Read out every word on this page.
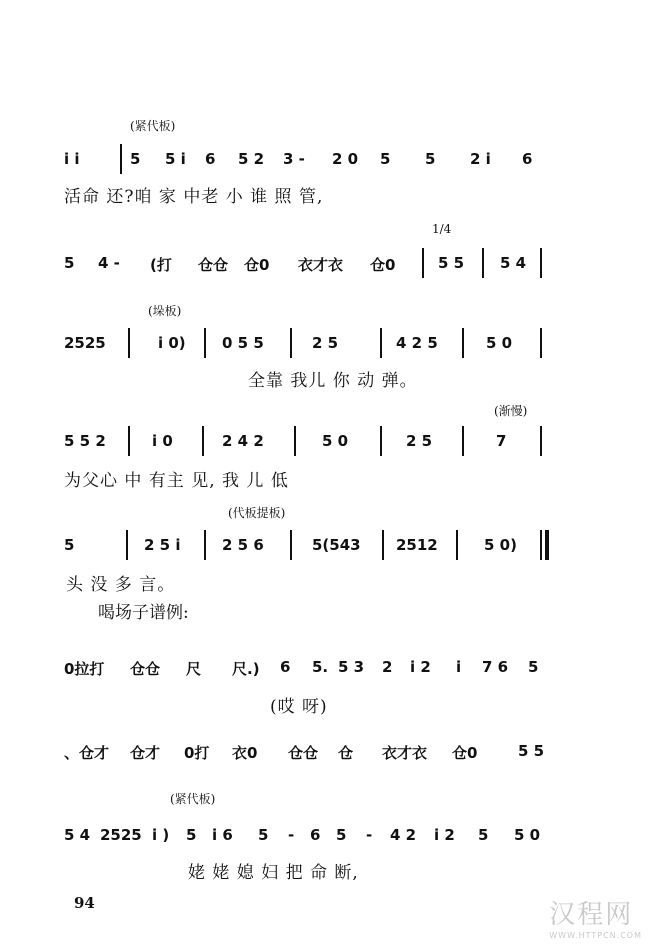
(紧代板)
i i	5 5 i 6 5 2 3 - 2 0 5 5 2 i 6
活命 还?咱 家 中老 小 谁 照 管,
1/4
5 4 - (打 仓仓 仓0 衣才衣 仓0	5 5 5 4
(垛板)
2525	i 0) 0 5 5	2 5	4 2 5	5 0
全靠 我儿 你 动 弹。
(渐慢)
5 5 2	i 0	2 4 2	5 0	2 5	7
为父心 中 有主 见, 我 儿 低
(代板提板)
5	2 5 i	2 5 6	5(543 2512	5 0)
头 没 多 言。
喝场子谱例:
0拉打 仓仓 尺 尺.) 6 5. 5 3 2 i 2 i 7 6 5
(哎 呀)
、仓才 仓才 0打 衣0 仓仓 仓 衣才衣 仓0	5 5
(紧代板)
5 4 2525 i ) 5 i 6 5 - 6 5 - 4 2 i 2 5 5 0
姥 姥 媳 妇 把 命 断,
94	汉程网
WWW.HTTPCN.COM
